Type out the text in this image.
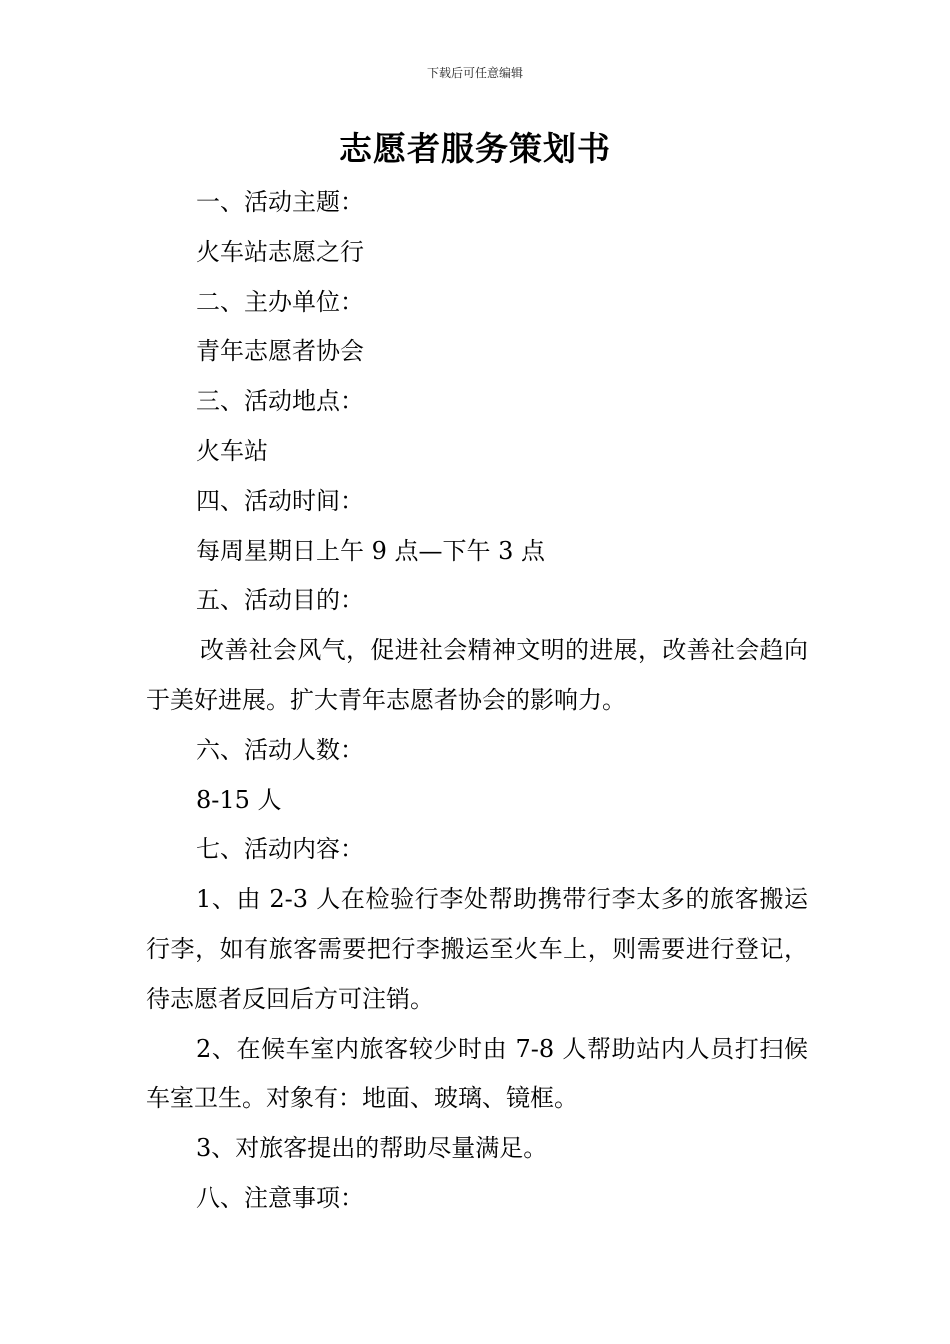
下载后可任意编辑
志愿者服务策划书

一、活动主题：

火车站志愿之行

二、主办单位：

青年志愿者协会

三、活动地点：

火车站

四、活动时间：

每周星期日上午 9 点—下午 3 点

五、活动目的：

改善社会风气，促进社会精神文明的进展，改善社会趋向于美好进展。扩大青年志愿者协会的影响力。

六、活动人数：

8-15 人

七、活动内容：

1、由 2-3 人在检验行李处帮助携带行李太多的旅客搬运行李，如有旅客需要把行李搬运至火车上，则需要进行登记，待志愿者反回后方可注销。

2、在候车室内旅客较少时由 7-8 人帮助站内人员打扫候车室卫生。对象有：地面、玻璃、镜框。

3、对旅客提出的帮助尽量满足。

八、注意事项：
